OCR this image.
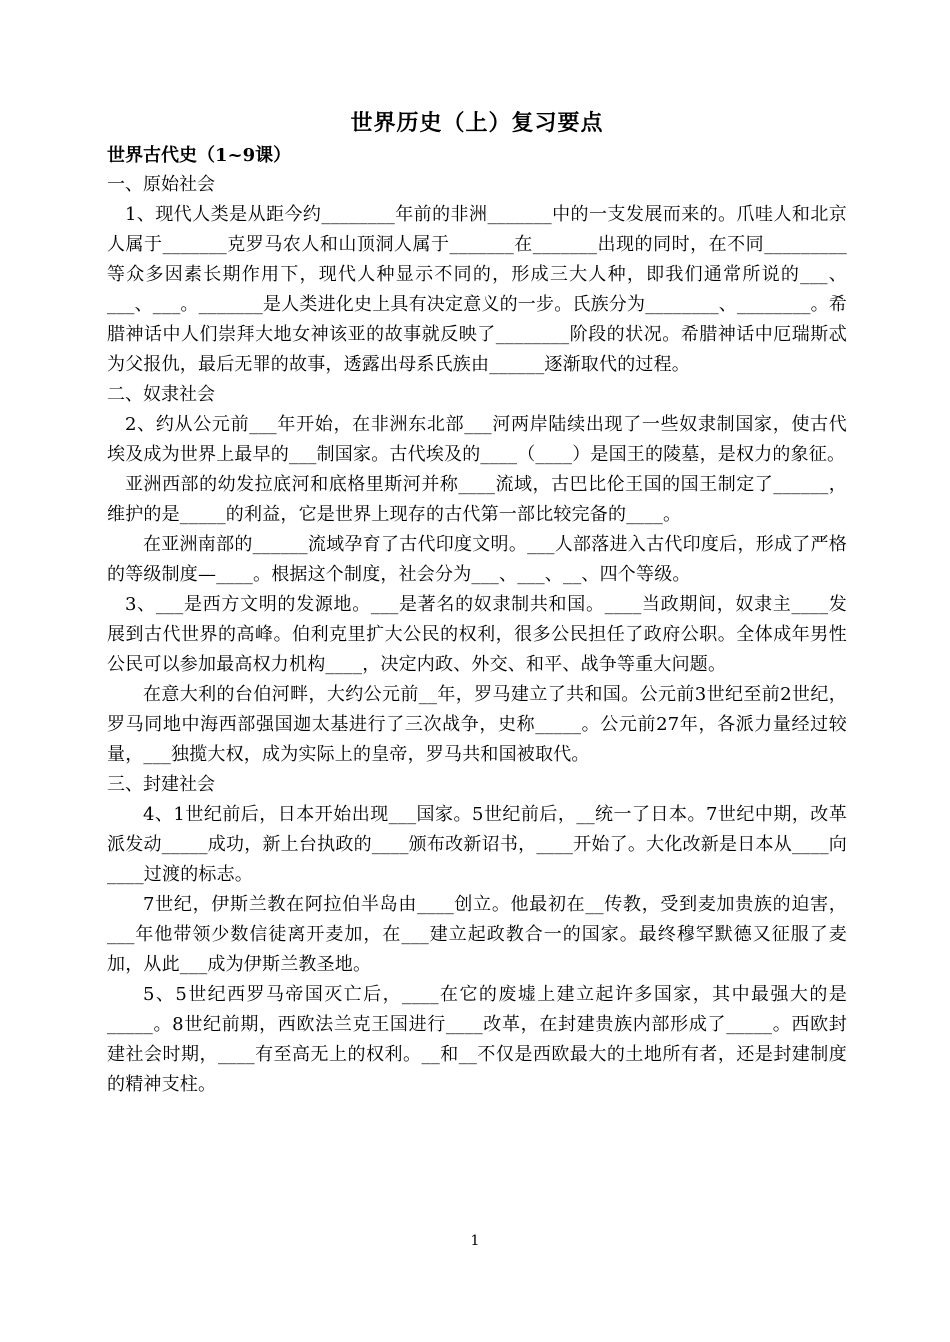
世界历史（上）复习要点
世界古代史（1~9课）
一、原始社会

1、现代人类是从距今约________年前的非洲_______中的一支发展而来的。爪哇人和北京人属于_______克罗马农人和山顶洞人属于_______在_______出现的同时，在不同_________等众多因素长期作用下，现代人种显示不同的，形成三大人种，即我们通常所说的___、___、___。_______是人类进化史上具有决定意义的一步。氏族分为________、________。希腊神话中人们崇拜大地女神该亚的故事就反映了________阶段的状况。希腊神话中厄瑞斯忒为父报仇，最后无罪的故事，透露出母系氏族由______逐渐取代的过程。

二、奴隶社会

2、约从公元前___年开始，在非洲东北部___河两岸陆续出现了一些奴隶制国家，使古代埃及成为世界上最早的___制国家。古代埃及的____（____）是国王的陵墓，是权力的象征。

亚洲西部的幼发拉底河和底格里斯河并称____流域，古巴比伦王国的国王制定了______，维护的是_____的利益，它是世界上现存的古代第一部比较完备的____。

在亚洲南部的______流域孕育了古代印度文明。___人部落进入古代印度后，形成了严格的等级制度—____。根据这个制度，社会分为___、___、__、四个等级。

3、___是西方文明的发源地。___是著名的奴隶制共和国。____当政期间，奴隶主____发展到古代世界的高峰。伯利克里扩大公民的权利，很多公民担任了政府公职。全体成年男性公民可以参加最高权力机构____，决定内政、外交、和平、战争等重大问题。

在意大利的台伯河畔，大约公元前__年，罗马建立了共和国。公元前3世纪至前2世纪，罗马同地中海西部强国迦太基进行了三次战争，史称_____。公元前27年，各派力量经过较量，___独揽大权，成为实际上的皇帝，罗马共和国被取代。

三、封建社会

4、1世纪前后，日本开始出现___国家。5世纪前后，__统一了日本。7世纪中期，改革派发动_____成功，新上台执政的____颁布改新诏书，____开始了。大化改新是日本从____向____过渡的标志。

7世纪，伊斯兰教在阿拉伯半岛由____创立。他最初在__传教，受到麦加贵族的迫害，___年他带领少数信徒离开麦加，在___建立起政教合一的国家。最终穆罕默德又征服了麦加，从此___成为伊斯兰教圣地。

5、5世纪西罗马帝国灭亡后，____在它的废墟上建立起许多国家，其中最强大的是_____。8世纪前期，西欧法兰克王国进行____改革，在封建贵族内部形成了_____。西欧封建社会时期，____有至高无上的权利。__和__不仅是西欧最大的土地所有者，还是封建制度的精神支柱。

1
